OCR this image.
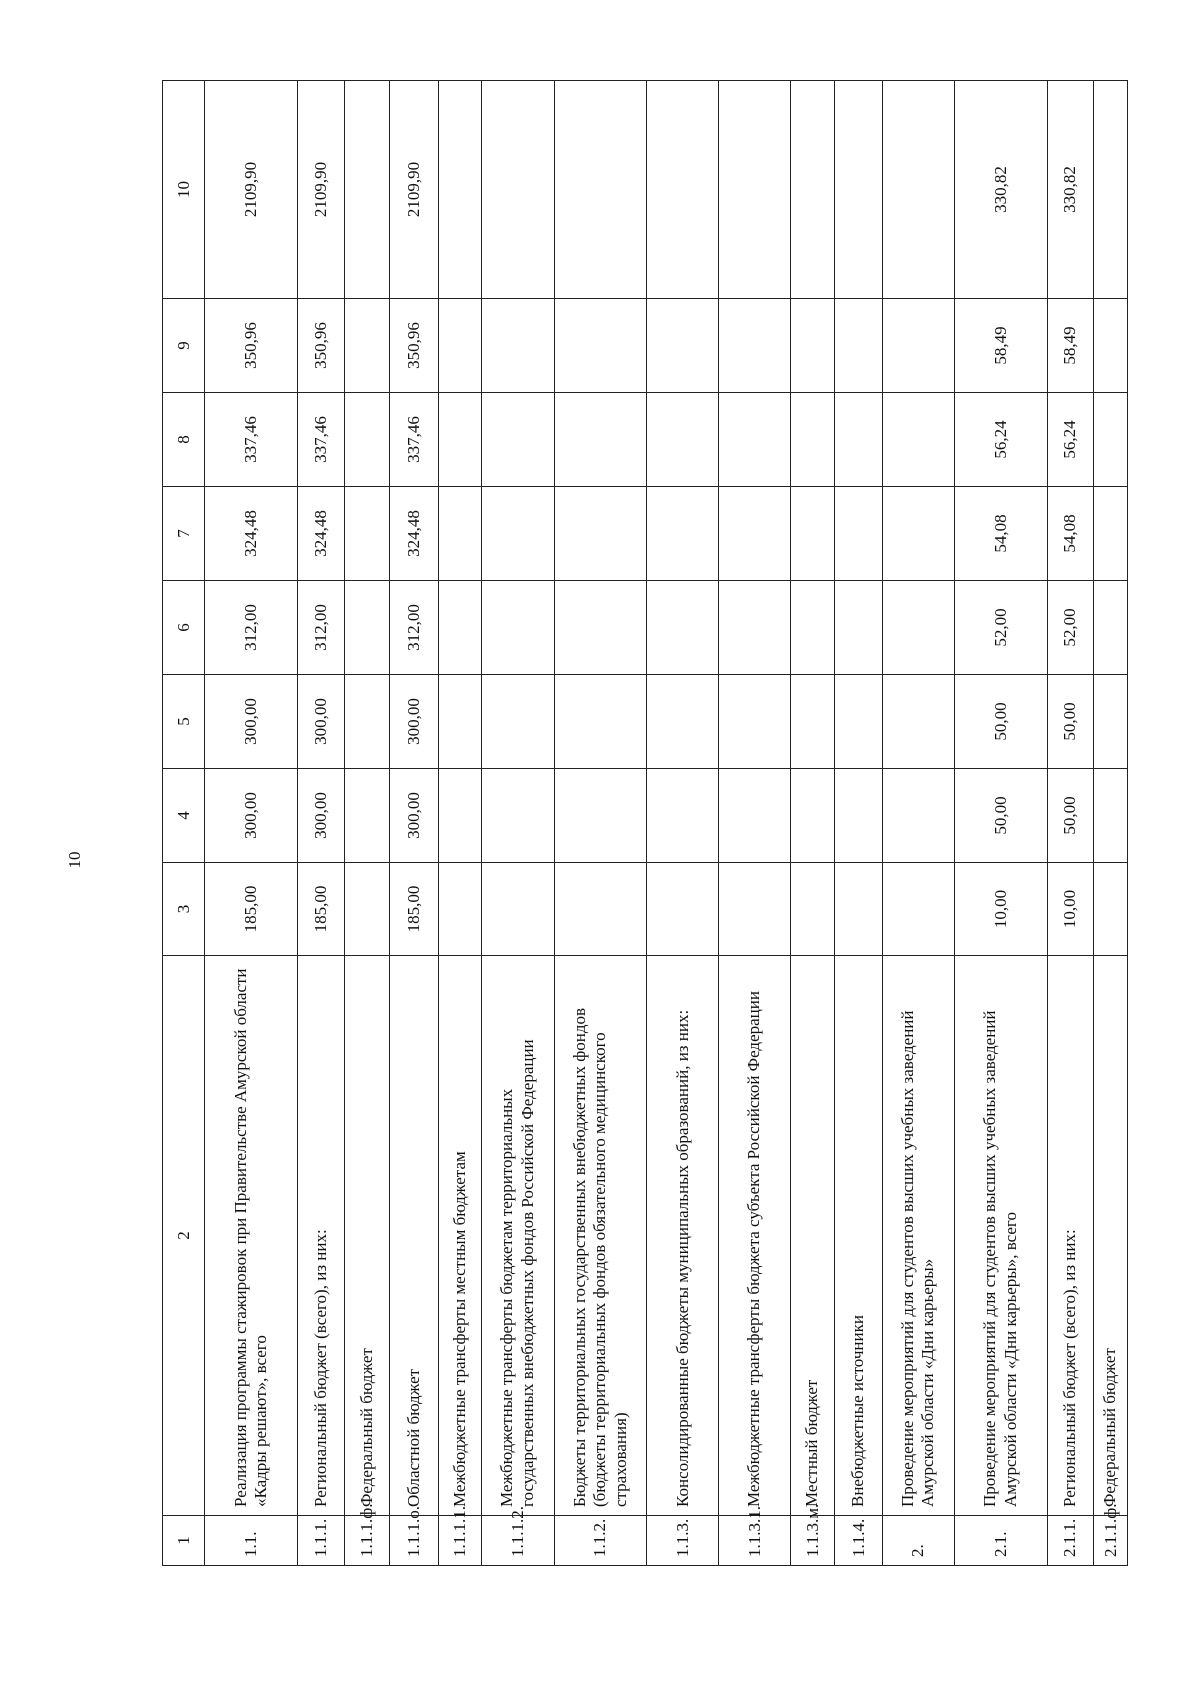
10
1	2	3	4	5	6	7	8	9	10
1.1.	Реализация программы стажировок при Правительстве Амурской области «Кадры решают», всего	185,00	300,00	300,00	312,00	324,48	337,46	350,96	2109,90
1.1.1.	Региональный бюджет (всего), из них:	185,00	300,00	300,00	312,00	324,48	337,46	350,96	2109,90
1.1.1.ф.	Федеральный бюджет								
1.1.1.о.	Областной бюджет	185,00	300,00	300,00	312,00	324,48	337,46	350,96	2109,90
1.1.1.1.	Межбюджетные трансферты местным бюджетам								
1.1.1.2.	Межбюджетные трансферты бюджетам территориальных государственных внебюджетных фондов Российской Федерации								
1.1.2.	Бюджеты территориальных государственных внебюджетных фондов (бюджеты территориальных фондов обязательного медицинского страхования)								
1.1.3.	Консолидированные бюджеты муниципальных образований, из них:								
1.1.3.1.	Межбюджетные трансферты бюджета субъекта Российской Федерации								
1.1.3.м.	Местный бюджет								
1.1.4.	Внебюджетные источники								
2.	Проведение мероприятий для студентов высших учебных заведений Амурской области «Дни карьеры»								
2.1.	Проведение мероприятий для студентов высших учебных заведений Амурской области «Дни карьеры», всего	10,00	50,00	50,00	52,00	54,08	56,24	58,49	330,82
2.1.1.	Региональный бюджет (всего), из них:	10,00	50,00	50,00	52,00	54,08	56,24	58,49	330,82
2.1.1.ф.	Федеральный бюджет								
